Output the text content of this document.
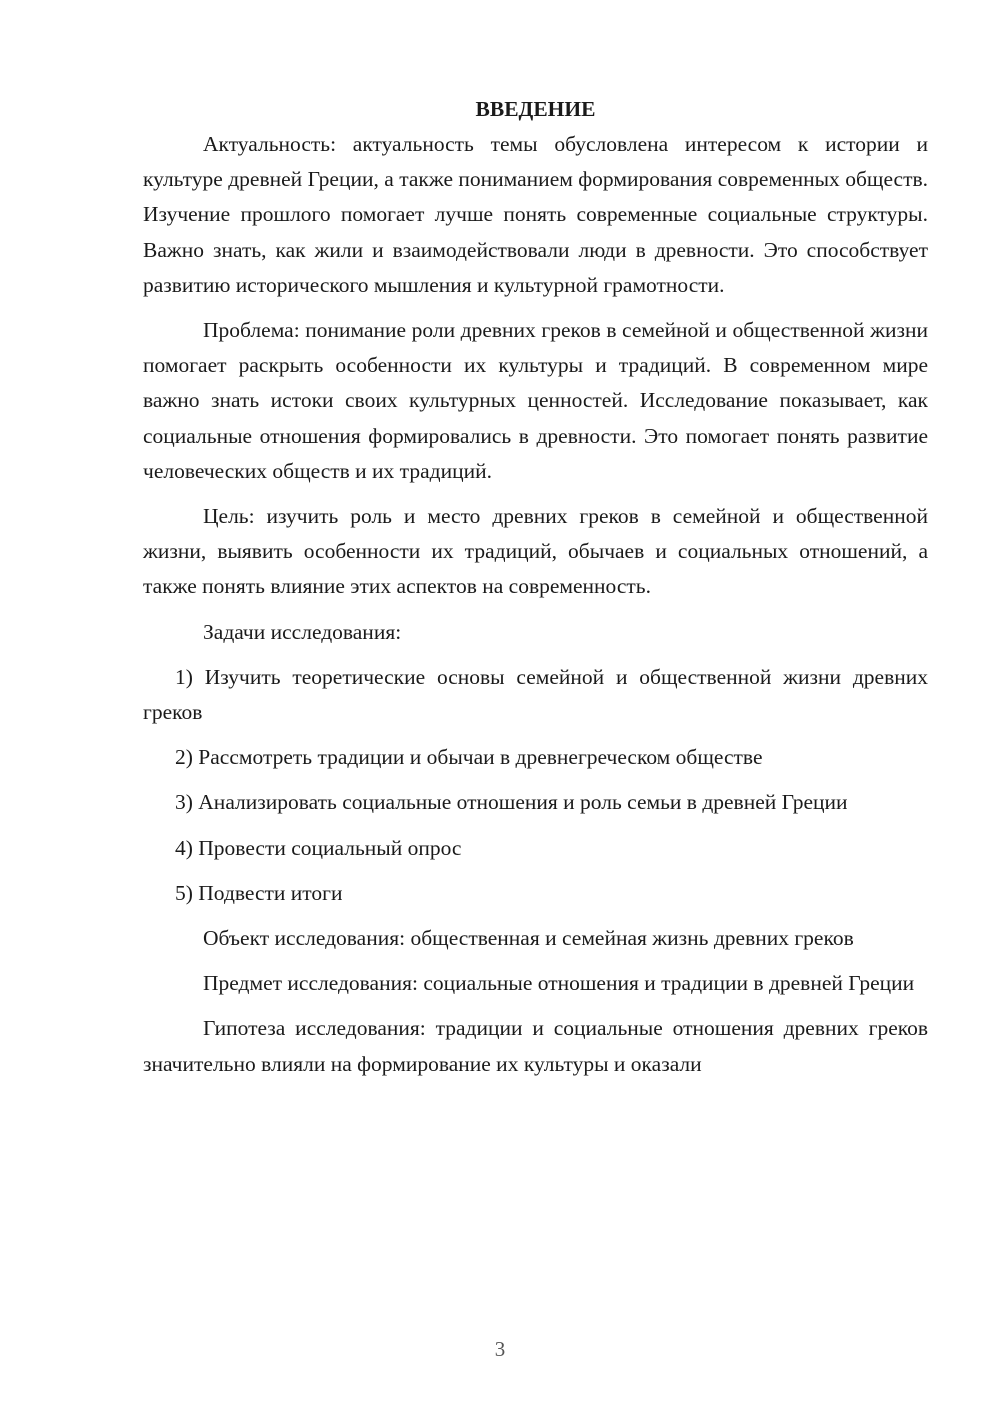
ВВЕДЕНИЕ

Актуальность: актуальность темы обусловлена интересом к истории и культуре древней Греции, а также пониманием формирования современных обществ. Изучение прошлого помогает лучше понять современные социальные структуры. Важно знать, как жили и взаимодействовали люди в древности. Это способствует развитию исторического мышления и культурной грамотности.

Проблема: понимание роли древних греков в семейной и общественной жизни помогает раскрыть особенности их культуры и традиций. В современном мире важно знать истоки своих культурных ценностей. Исследование показывает, как социальные отношения формировались в древности. Это помогает понять развитие человеческих обществ и их традиций.

Цель: изучить роль и место древних греков в семейной и общественной жизни, выявить особенности их традиций, обычаев и социальных отношений, а также понять влияние этих аспектов на современность.

Задачи исследования:

1) Изучить теоретические основы семейной и общественной жизни древних греков

2) Рассмотреть традиции и обычаи в древнегреческом обществе

3) Анализировать социальные отношения и роль семьи в древней Греции

4) Провести социальный опрос

5) Подвести итоги

Объект исследования: общественная и семейная жизнь древних греков

Предмет исследования: социальные отношения и традиции в древней Греции

Гипотеза исследования: традиции и социальные отношения древних греков значительно влияли на формирование их культуры и оказали

3
